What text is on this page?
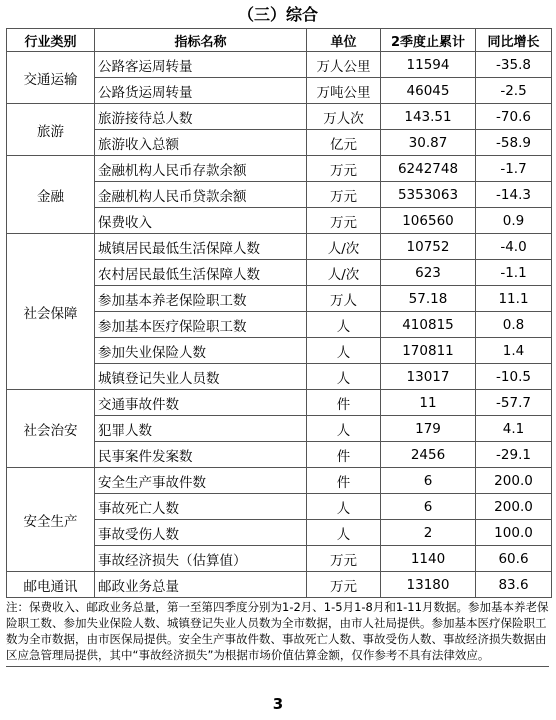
（三）综合
行业类别	指标名称	单位	2季度止累计	同比增长
交通运输	公路客运周转量	万人公里	11594	-35.8
	公路货运周转量	万吨公里	46045	-2.5
旅游	旅游接待总人数	万人次	143.51	-70.6
	旅游收入总额	亿元	30.87	-58.9
金融	金融机构人民币存款余额	万元	6242748	-1.7
	金融机构人民币贷款余额	万元	5353063	-14.3
	保费收入	万元	106560	0.9
社会保障	城镇居民最低生活保障人数	人/次	10752	-4.0
	农村居民最低生活保障人数	人/次	623	-1.1
	参加基本养老保险职工数	万人	57.18	11.1
	参加基本医疗保险职工数	人	410815	0.8
	参加失业保险人数	人	170811	1.4
	城镇登记失业人员数	人	13017	-10.5
社会治安	交通事故件数	件	11	-57.7
	犯罪人数	人	179	4.1
	民事案件发案数	件	2456	-29.1
安全生产	安全生产事故件数	件	6	200.0
	事故死亡人数	人	6	200.0
	事故受伤人数	人	2	100.0
	事故经济损失（估算值）	万元	1140	60.6
邮电通讯	邮政业务总量	万元	13180	83.6
注：保费收入、邮政业务总量，第一至第四季度分别为1-2月、1-5月1-8月和1-11月数据。参加基本养老保险职工数、参加失业保险人数、城镇登记失业人员数为全市数据，由市人社局提供。参加基本医疗保险职工数为全市数据，由市医保局提供。安全生产事故件数、事故死亡人数、事故受伤人数、事故经济损失数据由区应急管理局提供，其中“事故经济损失”为根据市场价值估算金额，仅作参考不具有法律效应。
3
